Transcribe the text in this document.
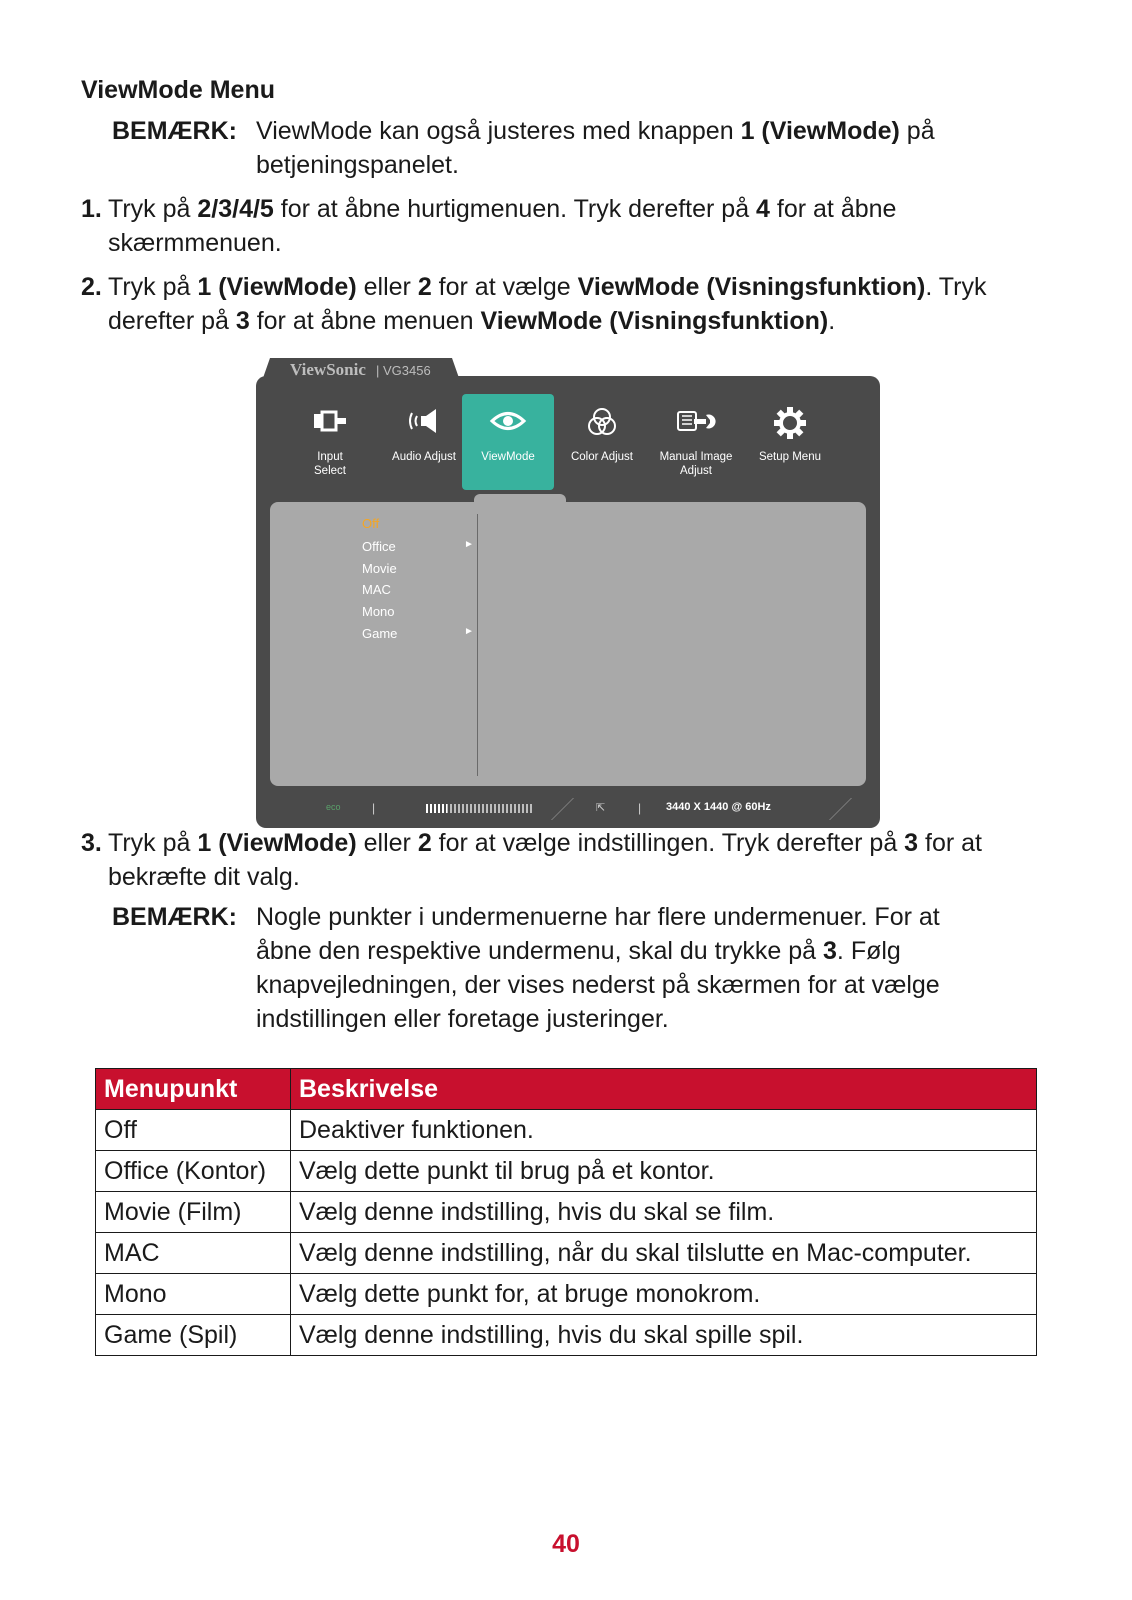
ViewMode Menu
BEMÆRK: ViewMode kan også justeres med knappen 1 (ViewMode) på betjeningspanelet.
1. Tryk på 2/3/4/5 for at åbne hurtigmenuen. Tryk derefter på 4 for at åbne skærmmenuen.
2. Tryk på 1 (ViewMode) eller 2 for at vælge ViewMode (Visningsfunktion). Tryk derefter på 3 for at åbne menuen ViewMode (Visningsfunktion).
ViewSonic | VG3456
Input
Select
Audio Adjust	ViewMode	Color Adjust	Manual Image
Adjust
Setup Menu
Off
Office	►
Movie
MAC
Mono
Game	►
eco	|	⇱	| 3440 X 1440 @ 60Hz
3. Tryk på 1 (ViewMode) eller 2 for at vælge indstillingen. Tryk derefter på 3 for at bekræfte dit valg.
BEMÆRK: Nogle punkter i undermenuerne har flere undermenuer. For at åbne den respektive undermenu, skal du trykke på 3. Følg knapvejledningen, der vises nederst på skærmen for at vælge indstillingen eller foretage justeringer.
Menupunkt	Beskrivelse
Off	Deaktiver funktionen.
Office (Kontor)	Vælg dette punkt til brug på et kontor.
Movie (Film)	Vælg denne indstilling, hvis du skal se film.
MAC	Vælg denne indstilling, når du skal tilslutte en Mac-computer.
Mono	Vælg dette punkt for, at bruge monokrom.
Game (Spil)	Vælg denne indstilling, hvis du skal spille spil.
40
